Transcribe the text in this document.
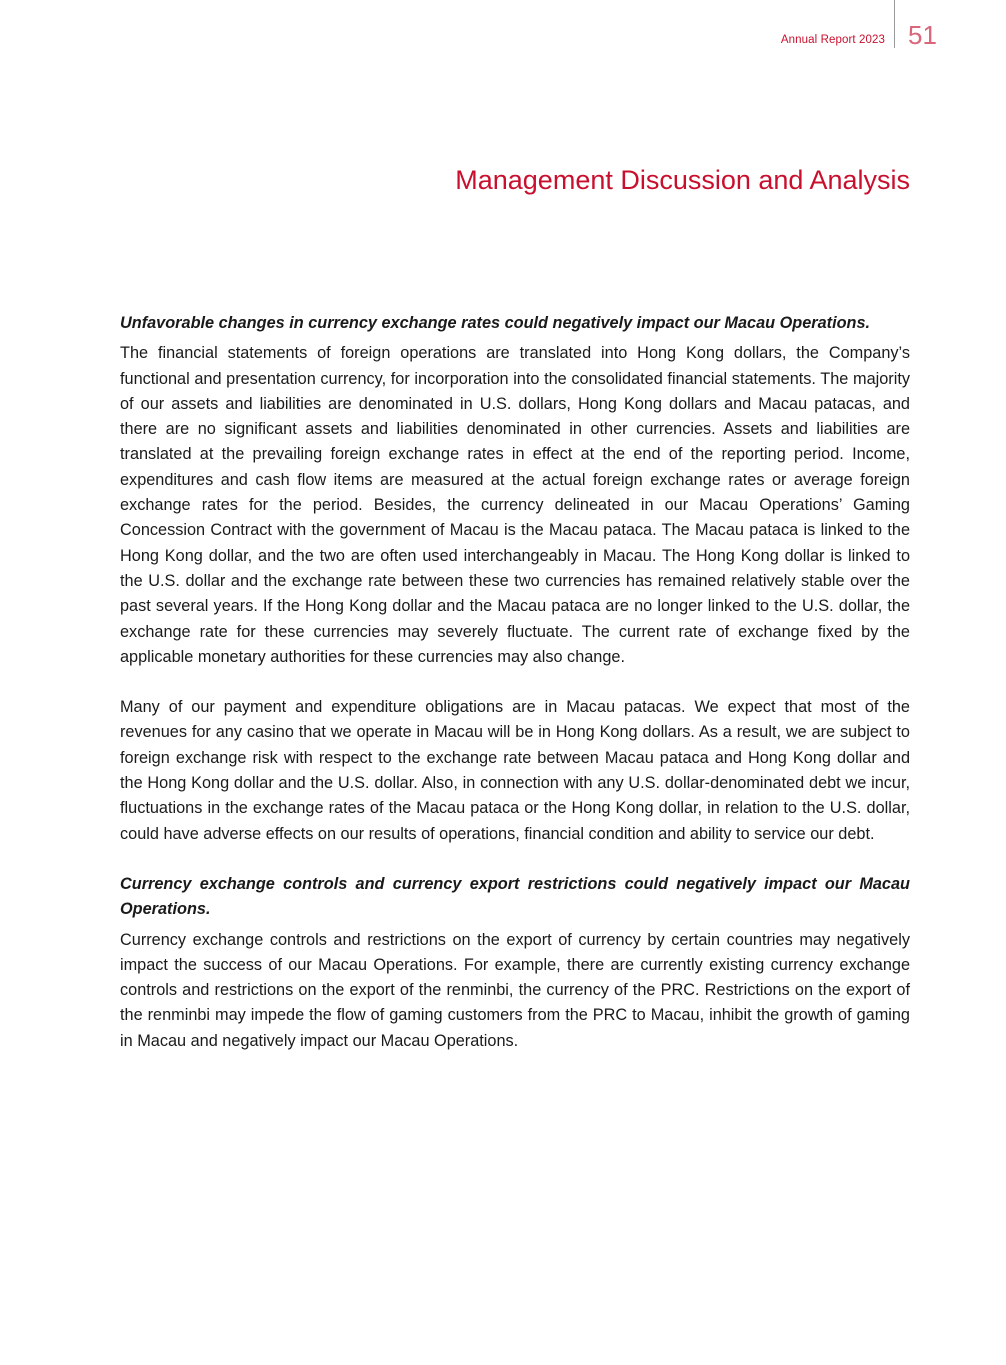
Annual Report 2023 51
Management Discussion and Analysis

Unfavorable changes in currency exchange rates could negatively impact our Macau Operations.

The financial statements of foreign operations are translated into Hong Kong dollars, the Company’s functional and presentation currency, for incorporation into the consolidated financial statements. The majority of our assets and liabilities are denominated in U.S. dollars, Hong Kong dollars and Macau patacas, and there are no significant assets and liabilities denominated in other currencies. Assets and liabilities are translated at the prevailing foreign exchange rates in effect at the end of the reporting period. Income, expenditures and cash flow items are measured at the actual foreign exchange rates or average foreign exchange rates for the period. Besides, the currency delineated in our Macau Operations’ Gaming Concession Contract with the government of Macau is the Macau pataca. The Macau pataca is linked to the Hong Kong dollar, and the two are often used interchangeably in Macau. The Hong Kong dollar is linked to the U.S. dollar and the exchange rate between these two currencies has remained relatively stable over the past several years. If the Hong Kong dollar and the Macau pataca are no longer linked to the U.S. dollar, the exchange rate for these currencies may severely fluctuate. The current rate of exchange fixed by the applicable monetary authorities for these currencies may also change.

Many of our payment and expenditure obligations are in Macau patacas. We expect that most of the revenues for any casino that we operate in Macau will be in Hong Kong dollars. As a result, we are subject to foreign exchange risk with respect to the exchange rate between Macau pataca and Hong Kong dollar and the Hong Kong dollar and the U.S. dollar. Also, in connection with any U.S. dollar-denominated debt we incur, fluctuations in the exchange rates of the Macau pataca or the Hong Kong dollar, in relation to the U.S. dollar, could have adverse effects on our results of operations, financial condition and ability to service our debt.

Currency exchange controls and currency export restrictions could negatively impact our Macau Operations.

Currency exchange controls and restrictions on the export of currency by certain countries may negatively impact the success of our Macau Operations. For example, there are currently existing currency exchange controls and restrictions on the export of the renminbi, the currency of the PRC. Restrictions on the export of the renminbi may impede the flow of gaming customers from the PRC to Macau, inhibit the growth of gaming in Macau and negatively impact our Macau Operations.
